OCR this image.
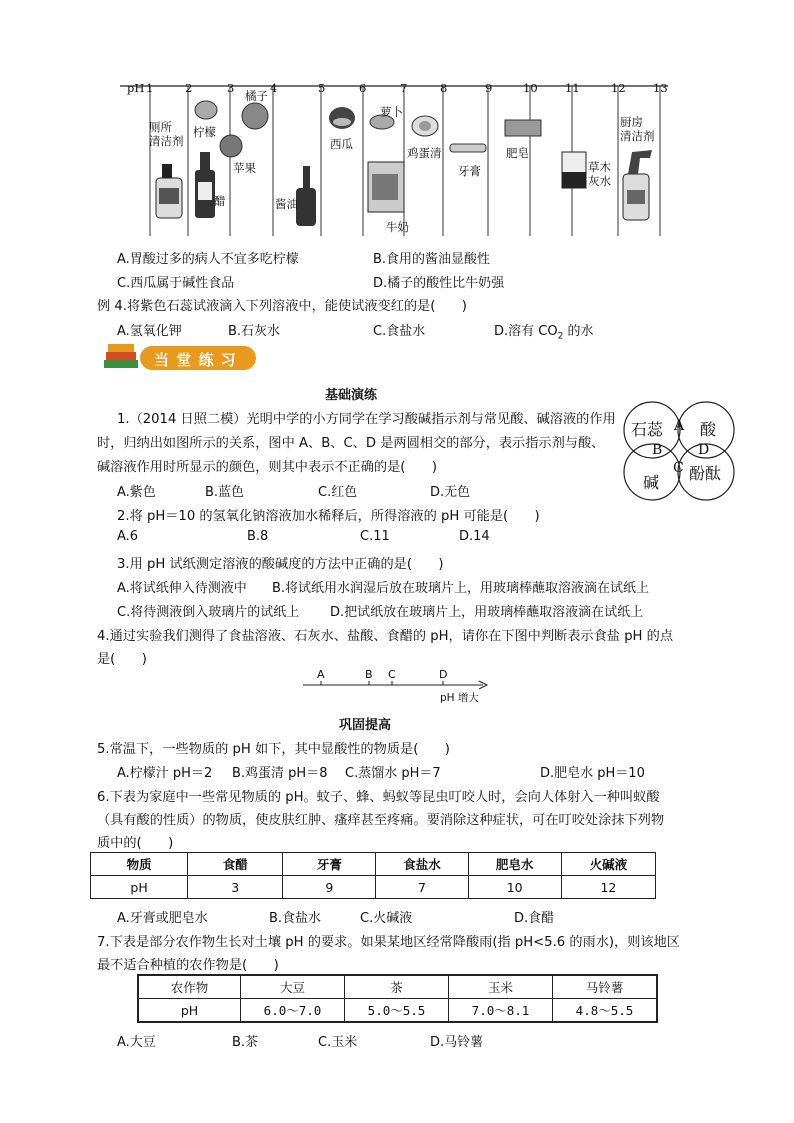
pH 1	2	3	4	5	6	7	8	9	10 11	12 13
厕所
清洁剂
柠檬
醋
苹果
橘子
酱油
西瓜
萝卜
牛奶
鸡蛋清
牙膏
肥皂
草木
灰水
厨房
清洁剂
A.胃酸过多的病人不宜多吃柠檬	B.食用的酱油显酸性
C.西瓜属于碱性食品	D.橘子的酸性比牛奶强
例 4.将紫色石蕊试液滴入下列溶液中，能使试液变红的是(　　)
A.氢氧化钾	B.石灰水	C.食盐水	D.溶有 $CO_2$ 的水
当 堂 练 习
基础演练
1.（2014 日照二模）光明中学的小方同学在学习酸碱指示剂与常见酸、碱溶液的作用
时，归纳出如图所示的关系，图中 A、B、C、D 是两圆相交的部分，表示指示剂与酸、
碱溶液作用时所显示的颜色，则其中表示不正确的是(　　)
A.紫色	B.蓝色	C.红色	D.无色
石蕊 酸
碱 酚酞
A
B
C
D
2.将 pH＝10 的氢氧化钠溶液加水稀释后，所得溶液的 pH 可能是(　　)
A.6	B.8	C.11	D.14
3.用 pH 试纸测定溶液的酸碱度的方法中正确的是(　　)
A.将试纸伸入待测液中 B.将试纸用水润湿后放在玻璃片上，用玻璃棒蘸取溶液滴在试纸上
C.将待测液倒入玻璃片的试纸上 D.把试纸放在玻璃片上，用玻璃棒蘸取溶液滴在试纸上
4.通过实验我们测得了食盐溶液、石灰水、盐酸、食醋的 pH，请你在下图中判断表示食盐 pH 的点
是(　　)
A	B C	D
pH 增大
巩固提高
5.常温下，一些物质的 pH 如下，其中显酸性的物质是(　　)
A.柠檬汁 pH＝2 B.鸡蛋清 pH＝8 C.蒸馏水 pH＝7	D.肥皂水 pH＝10
6.下表为家庭中一些常见物质的 pH。蚊子、蜂、蚂蚁等昆虫叮咬人时，会向人体射入一种叫蚁酸
（具有酸的性质）的物质，使皮肤红肿、瘙痒甚至疼痛。要消除这种症状，可在叮咬处涂抹下列物
质中的(　　)
物质	食醋	牙膏	食盐水	肥皂水	火碱液
pH	3	9	7	10	12
A.牙膏或肥皂水	B.食盐水	C.火碱液	D.食醋
7.下表是部分农作物生长对土壤 pH 的要求。如果某地区经常降酸雨(指 pH<5.6 的雨水)，则该地区
最不适合种植的农作物是(　　)
农作物	大豆	茶	玉米	马铃薯
pH	6.0～7.0	5.0～5.5	7.0～8.1	4.8～5.5
A.大豆	B.茶	C.玉米	D.马铃薯
